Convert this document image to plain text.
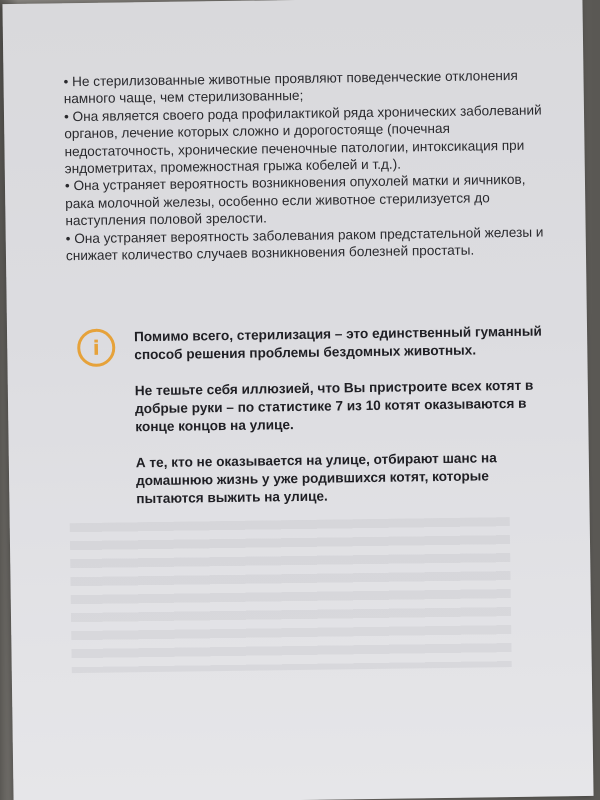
• Не стерилизованные животные проявляют поведенческие отклонения намного чаще, чем стерилизованные;

• Она является своего рода профилактикой ряда хронических заболеваний органов, лечение которых сложно и дорогостояще (почечная недостаточность, хронические печеночные патологии, интоксикация при эндометритах, промежностная грыжа кобелей и т.д.).

• Она устраняет вероятность возникновения опухолей матки и яичников, рака молочной железы, особенно если животное стерилизуется до наступления половой зрелости.

• Она устраняет вероятность заболевания раком предстательной железы и снижает количество случаев возникновения болезней простаты.

i

Помимо всего, стерилизация – это единственный гуманный способ решения проблемы бездомных животных.

Не тешьте себя иллюзией, что Вы пристроите всех котят в добрые руки – по статистике 7 из 10 котят оказываются в конце концов на улице.

А те, кто не оказывается на улице, отбирают шанс на домашнюю жизнь у уже родившихся котят, которые пытаются выжить на улице.
